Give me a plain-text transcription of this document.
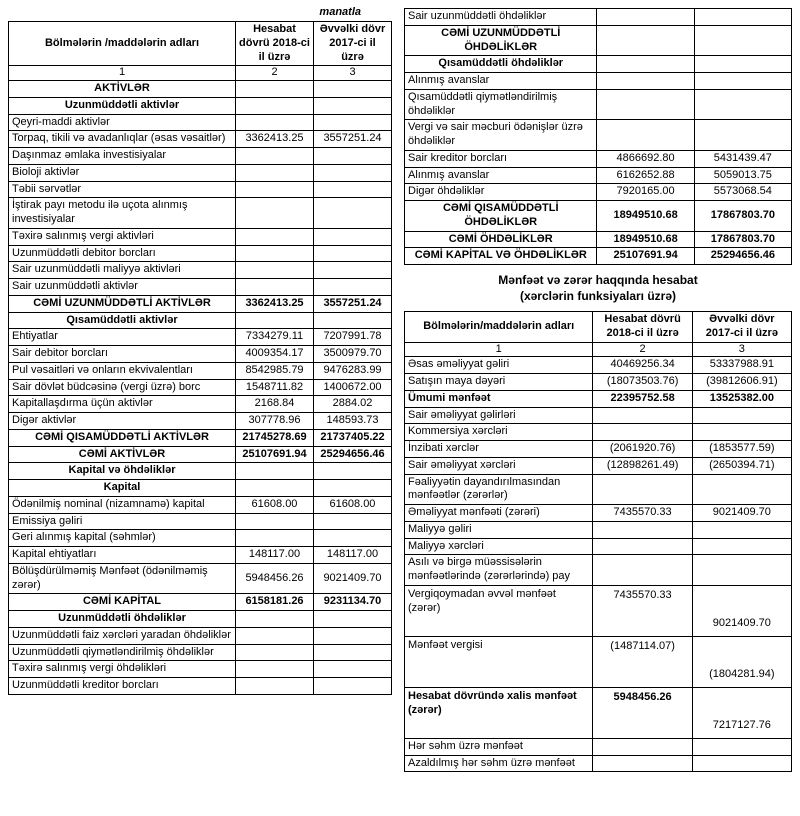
manatla
Bölmələrin /maddələrin adları	Hesabat dövrü 2018-ci il üzrə	Əvvəlki dövr 2017-ci il üzrə
1	2	3
AKTİVLƏR		
Uzunmüddətli aktivlər		
Qeyri-maddi aktivlər		
Torpaq, tikili və avadanlıqlar (əsas vəsaitlər)	3362413.25	3557251.24
Daşınmaz əmlaka investisiyalar		
Bioloji aktivlər		
Təbii sərvətlər		
İştirak payı metodu ilə uçota alınmış investisiyalar		
Təxirə salınmış vergi aktivləri		
Uzunmüddətli debitor borcları		
Sair uzunmüddətli maliyyə aktivləri		
Sair uzunmüddətli aktivlər		
CƏMİ UZUNMÜDDƏTLİ AKTİVLƏR	3362413.25	3557251.24
Qısamüddətli aktivlər		
Ehtiyatlar	7334279.11	7207991.78
Sair debitor borcları	4009354.17	3500979.70
Pul vəsaitləri və onların ekvivalentları	8542985.79	9476283.99
Sair dövlət büdcəsinə (vergi üzrə) borc	1548711.82	1400672.00
Kapitallaşdırma üçün aktivlər	2168.84	2884.02
Digər aktivlər	307778.96	148593.73
CƏMİ QISAMÜDDƏTLİ AKTİVLƏR	21745278.69	21737405.22
CƏMİ AKTİVLƏR	25107691.94	25294656.46
Kapital və öhdəliklər		
Kapital		
Ödənilmiş nominal (nizamnamə) kapital	61608.00	61608.00
Emissiya gəliri		
Geri alınmış kapital (səhmlər)		
Kapital ehtiyatları	148117.00	148117.00
Bölüşdürülməmiş Mənfəət (ödənilməmiş zərər)	5948456.26	9021409.70
CƏMİ KAPİTAL	6158181.26	9231134.70
Uzunmüddətli öhdəliklər		
Uzunmüddətli faiz xərcləri yaradan öhdəliklər		
Uzunmüddətli qiymətləndirilmiş öhdəliklər		
Təxirə salınmış vergi öhdəlikləri		
Uzunmüddətli kreditor borcları		
Sair uzunmüddətli öhdəliklər		
CƏMİ UZUNMÜDDƏTLİ ÖHDƏLİKLƏR		
Qısamüddətli öhdəliklər		
Alınmış avanslar		
Qısamüddətli qiymətləndirilmiş öhdəliklər		
Vergi və sair məcburi ödənişlər üzrə öhdəliklər		
Sair kreditor borcları	4866692.80	5431439.47
Alınmış avanslar	6162652.88	5059013.75
Digər öhdəliklər	7920165.00	5573068.54
CƏMİ QISAMÜDDƏTLİ ÖHDƏLİKLƏR	18949510.68	17867803.70
CƏMİ ÖHDƏLİKLƏR	18949510.68	17867803.70
CƏMİ KAPİTAL VƏ ÖHDƏLİKLƏR	25107691.94	25294656.46
Mənfəət və zərər haqqında hesabat
(xərclərin funksiyaları üzrə)
Bölmələrin/maddələrin adları	Hesabat dövrü 2018-ci il üzrə	Əvvəlki dövr 2017-ci il üzrə
1	2	3
Əsas əməliyyat gəliri	40469256.34	53337988.91
Satışın maya dəyəri	(18073503.76)	(39812606.91)
Ümumi mənfəət	22395752.58	13525382.00
Sair əməliyyat gəlirləri		
Kommersiya xərcləri		
İnzibati xərclər	(2061920.76)	(1853577.59)
Sair əməliyyat xərcləri	(12898261.49)	(2650394.71)
Fəaliyyətin dayandırılmasından mənfəətlər (zərərlər)		
Əməliyyat mənfəəti (zərəri)	7435570.33	9021409.70
Maliyyə gəliri		
Maliyyə xərcləri		
Asılı və birgə müəssisələrin mənfəətlərində (zərərlərində) pay		
Vergiqoymadan əvvəl mənfəət (zərər)	7435570.33	9021409.70
Mənfəət vergisi	(1487114.07)	(1804281.94)
Hesabat dövründə xalis mənfəət (zərər)	5948456.26	7217127.76
Hər səhm üzrə mənfəət		
Azaldılmış hər səhm üzrə mənfəət		
